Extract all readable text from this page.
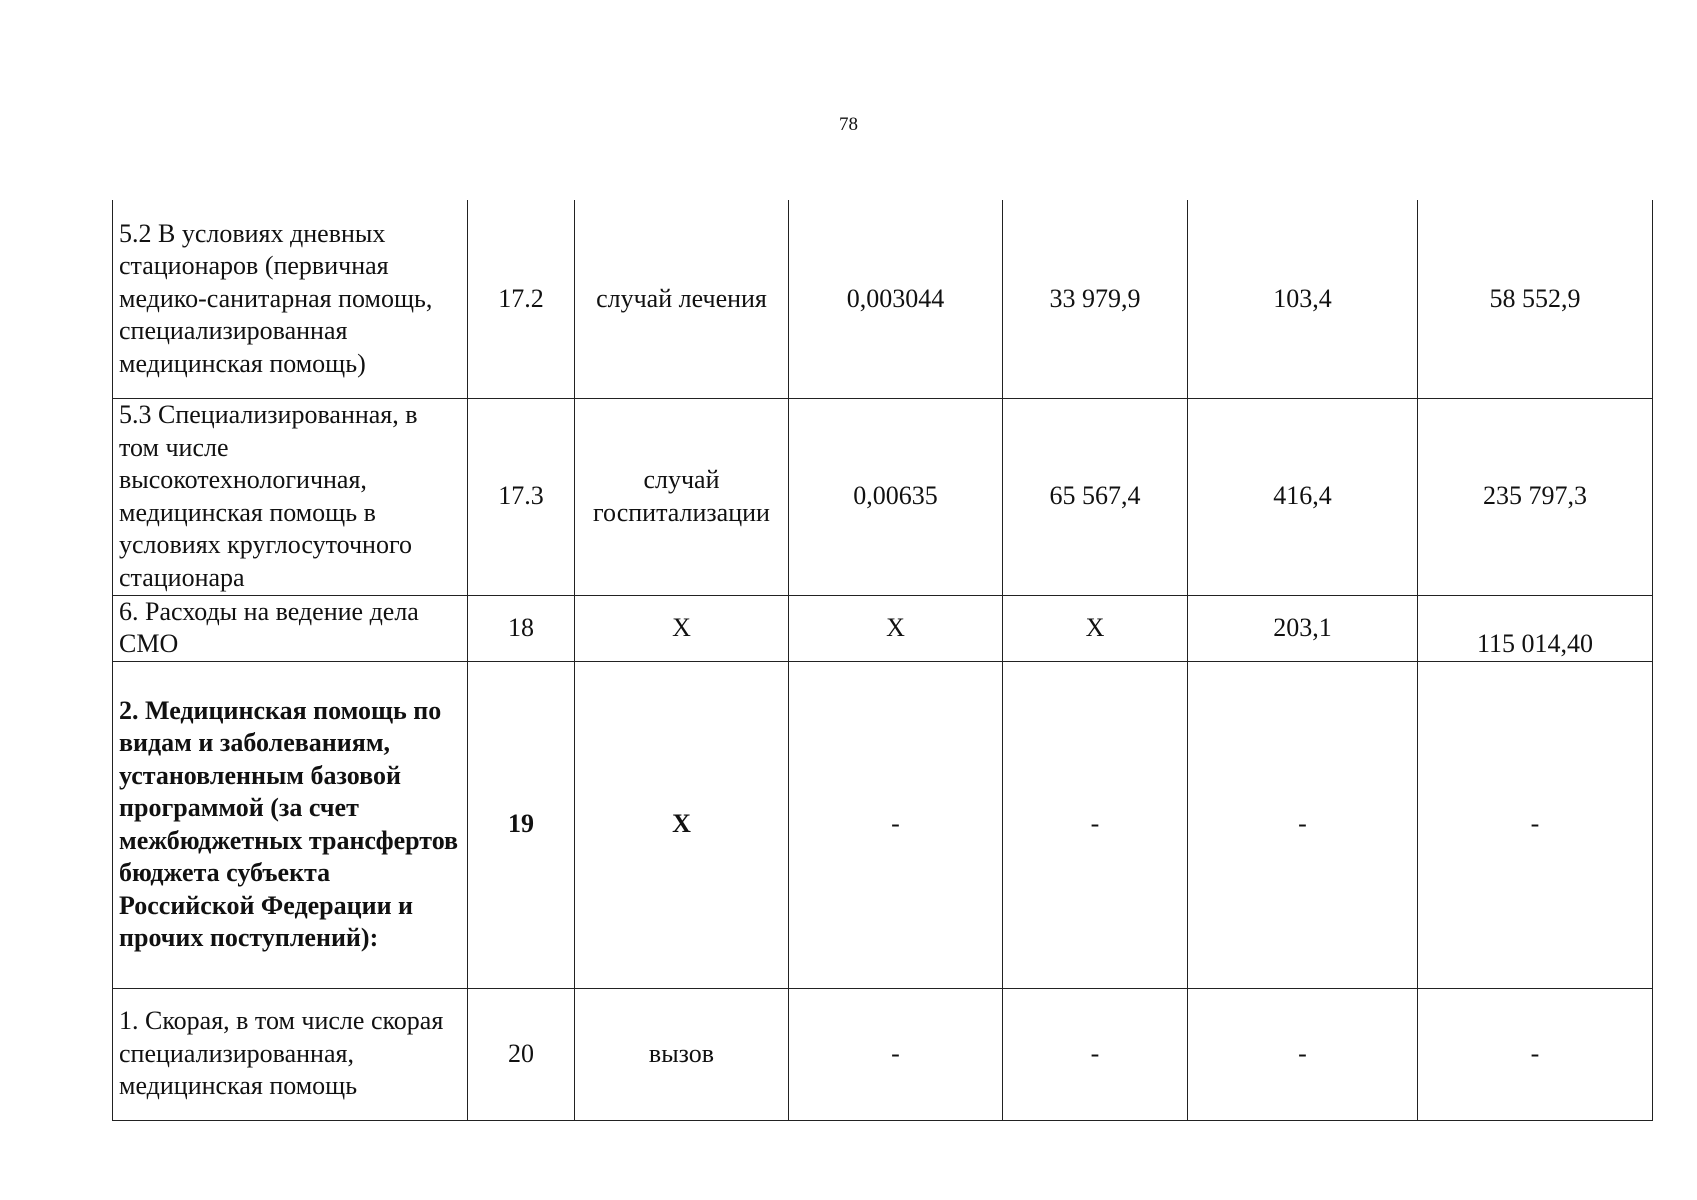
78
5.2 В условиях дневных стационаров (первичная медико-санитарная помощь, специализированная медицинская помощь)	17.2	случай лечения	0,003044	33 979,9	103,4	58 552,9
5.3 Специализированная, в том числе высокотехнологичная, медицинская помощь в условиях круглосуточного стационара	17.3	случай госпитализации	0,00635	65 567,4	416,4	235 797,3
6. Расходы на ведение дела СМО	18	Х	Х	Х	203,1	115 014,40
2. Медицинская помощь по видам и заболеваниям, установленным базовой программой (за счет межбюджетных трансфертов бюджета субъекта Российской Федерации и прочих поступлений):	19	Х	-	-	-	-
1. Скорая, в том числе скорая специализированная, медицинская помощь	20	вызов	-	-	-	-
